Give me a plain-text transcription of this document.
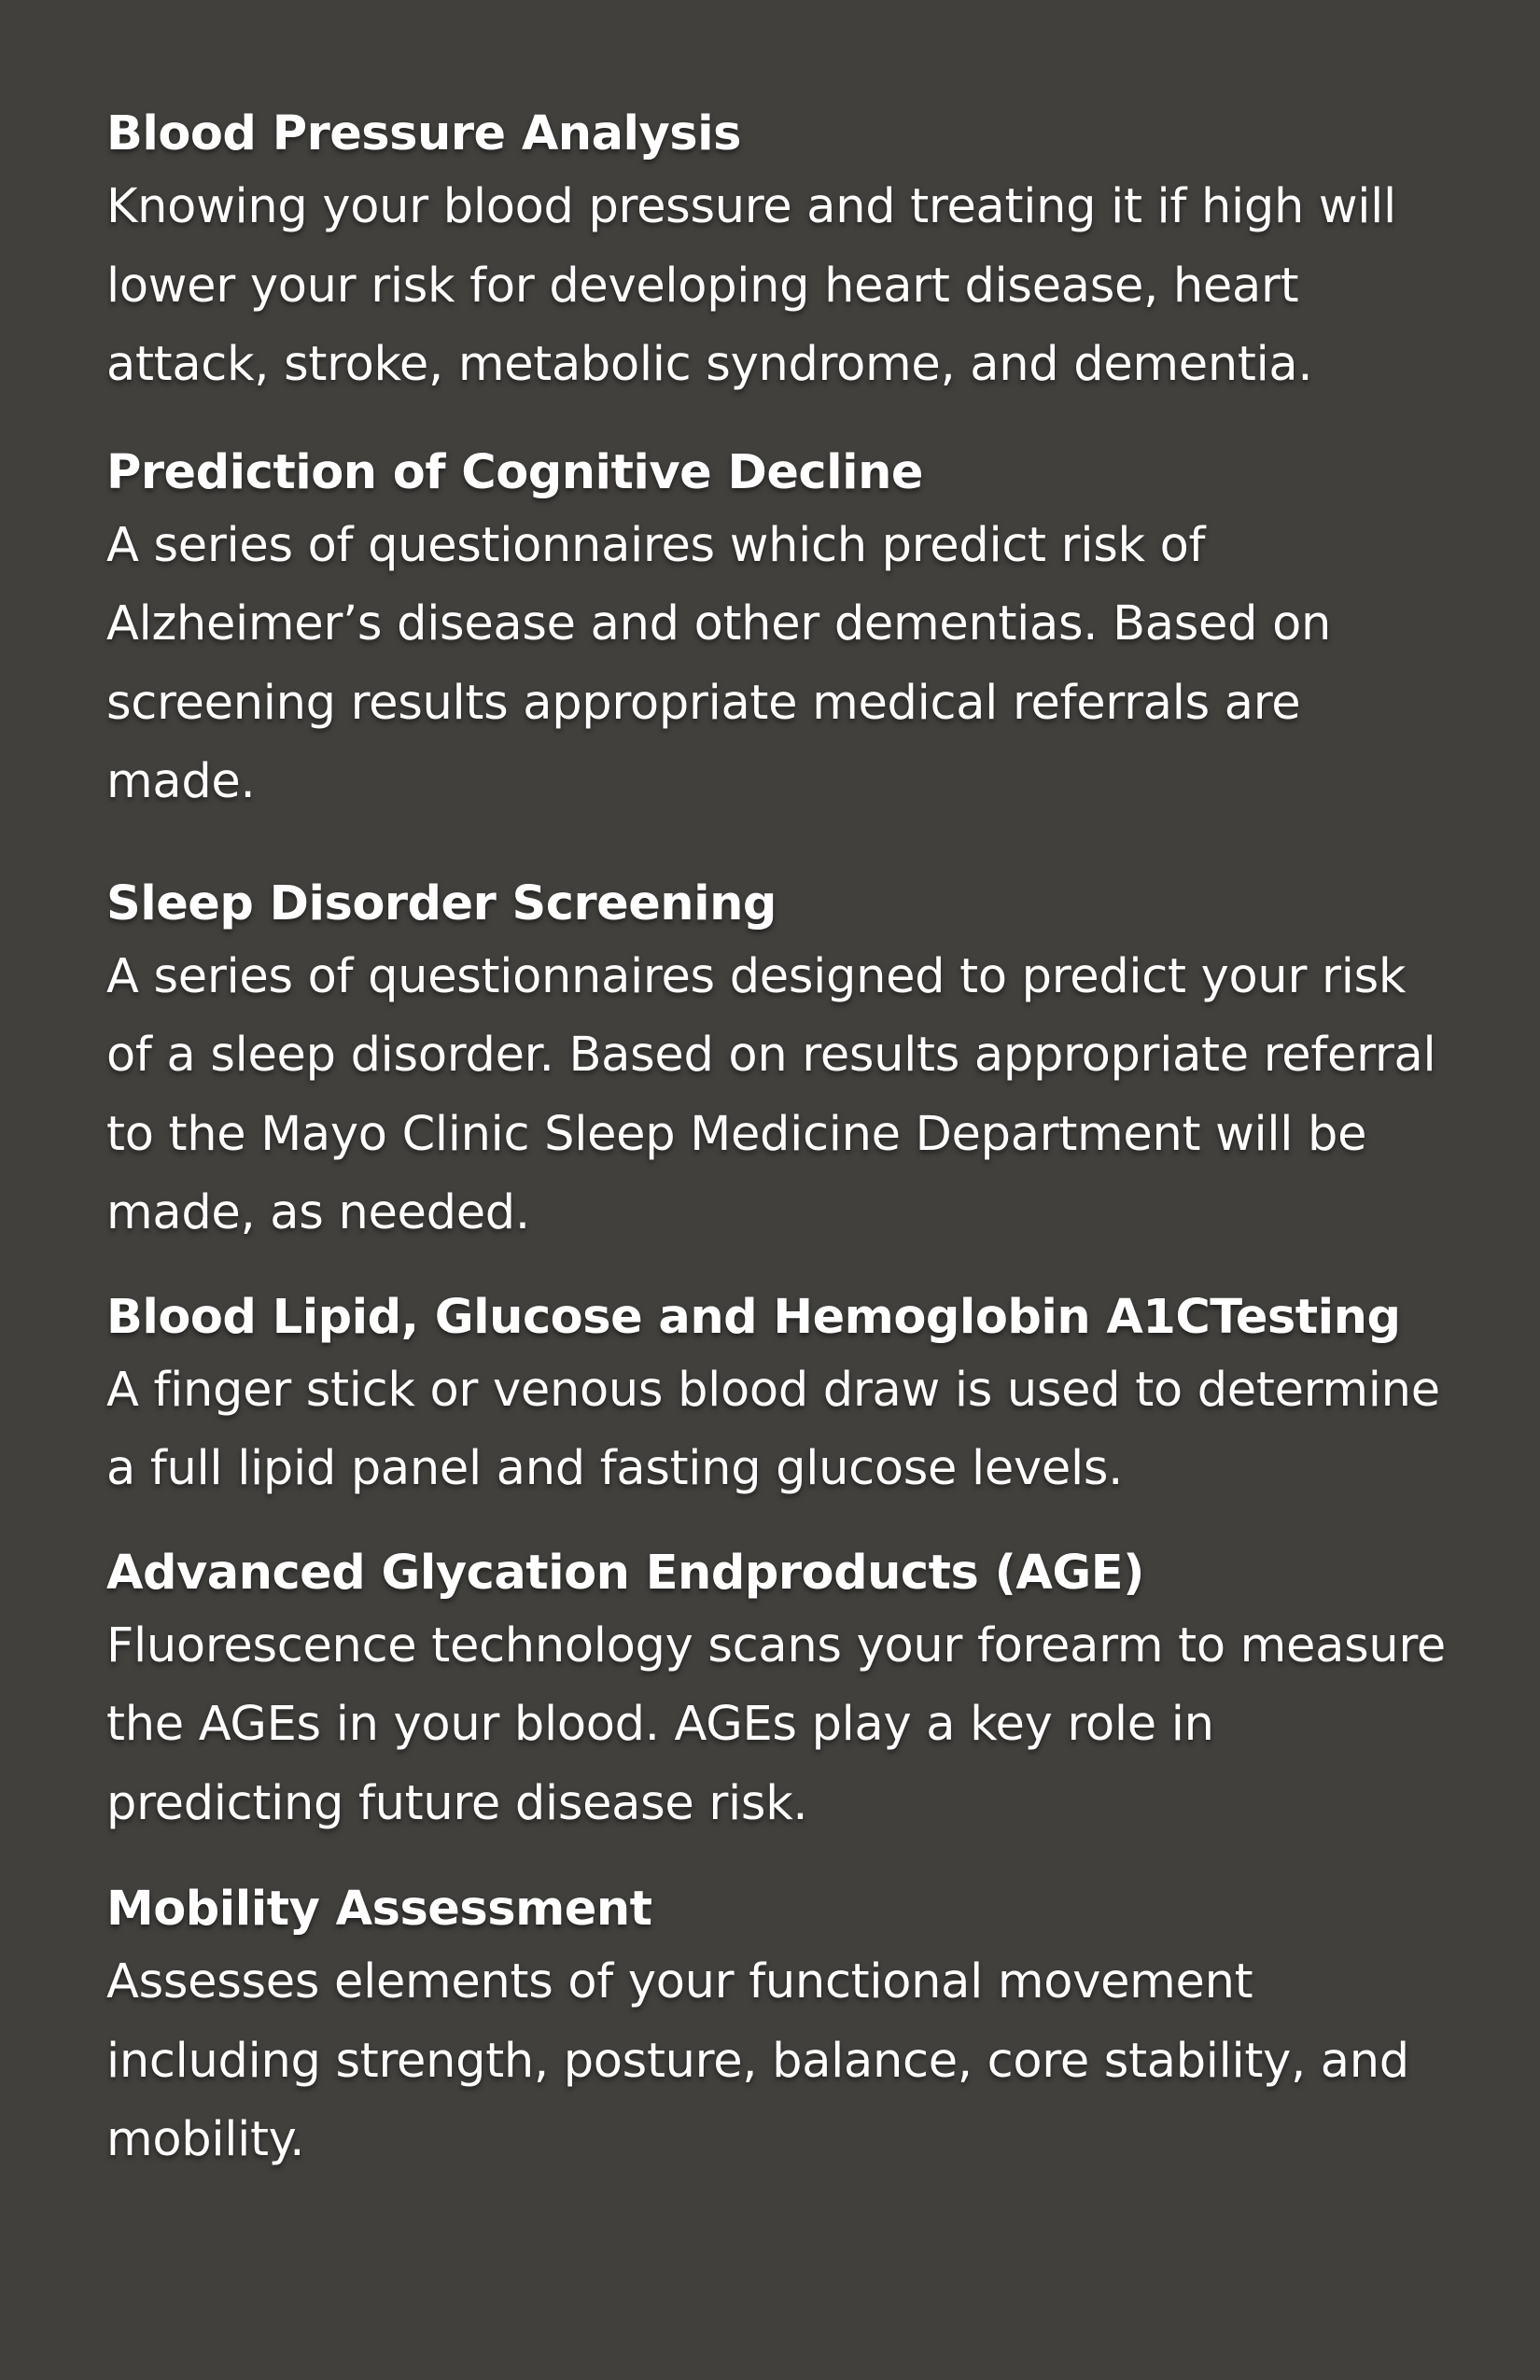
Blood Pressure Analysis

Knowing your blood pressure and treating it if high will lower your risk for developing heart disease, heart attack, stroke, metabolic syndrome, and dementia.

Prediction of Cognitive Decline

A series of questionnaires which predict risk of Alzheimer’s disease and other dementias. Based on screening results appropriate medical referrals are made.

Sleep Disorder Screening

A series of questionnaires designed to predict your risk of a sleep disorder. Based on results appropriate referral to the Mayo Clinic Sleep Medicine Department will be made, as needed.

Blood Lipid, Glucose and Hemoglobin A1CTesting

A finger stick or venous blood draw is used to determine a full lipid panel and fasting glucose levels.

Advanced Glycation Endproducts (AGE)

Fluorescence technology scans your forearm to measure the AGEs in your blood. AGEs play a key role in predicting future disease risk.

Mobility Assessment

Assesses elements of your functional movement including strength, posture, balance, core stability, and mobility.
